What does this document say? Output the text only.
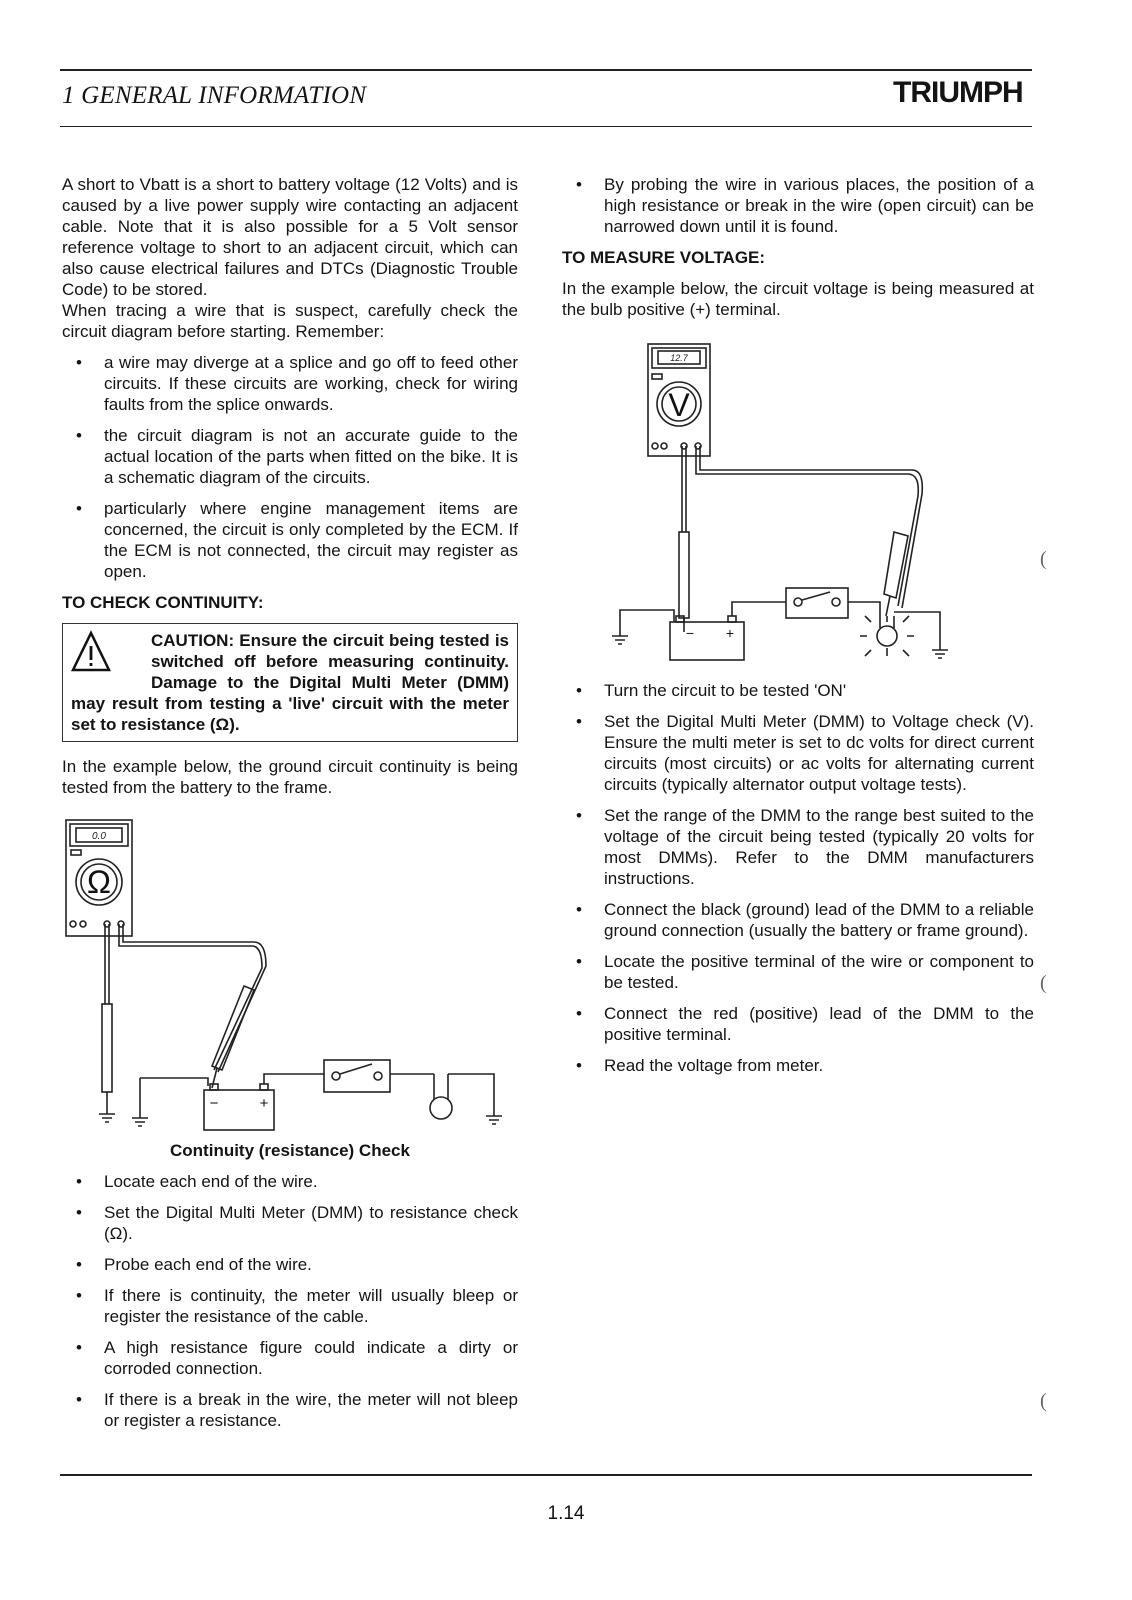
1 GENERAL INFORMATION	TRIUMPH

A short to Vbatt is a short to battery voltage (12 Volts) and is caused by a live power supply wire contacting an adjacent cable. Note that it is also possible for a 5 Volt sensor reference voltage to short to an adjacent circuit, which can also cause electrical failures and DTCs (Diagnostic Trouble Code) to be stored.

When tracing a wire that is suspect, carefully check the circuit diagram before starting. Remember:

• a wire may diverge at a splice and go off to feed other circuits. If these circuits are working, check for wiring faults from the splice onwards.
• the circuit diagram is not an accurate guide to the actual location of the parts when fitted on the bike. It is a schematic diagram of the circuits.
• particularly where engine management items are concerned, the circuit is only completed by the ECM. If the ECM is not connected, the circuit may register as open.
TO CHECK CONTINUITY:
CAUTION: Ensure the circuit being tested is switched off before measuring continuity. Damage to the Digital Multi Meter (DMM) may result from testing a 'live' circuit with the meter set to resistance (Ω).

In the example below, the ground circuit continuity is being tested from the battery to the frame.

0.0
Ω
−	+
Continuity (resistance) Check
• Locate each end of the wire.
• Set the Digital Multi Meter (DMM) to resistance check (Ω).
• Probe each end of the wire.
• If there is continuity, the meter will usually bleep or register the resistance of the cable.
• A high resistance figure could indicate a dirty or corroded connection.
• If there is a break in the wire, the meter will not bleep or register a resistance.
• By probing the wire in various places, the position of a high resistance or break in the wire (open circuit) can be narrowed down until it is found.
TO MEASURE VOLTAGE:

In the example below, the circuit voltage is being measured at the bulb positive (+) terminal.

12.7
V
− +
• Turn the circuit to be tested 'ON'
• Set the Digital Multi Meter (DMM) to Voltage check (V). Ensure the multi meter is set to dc volts for direct current circuits (most circuits) or ac volts for alternating current circuits (typically alternator output voltage tests).
• Set the range of the DMM to the range best suited to the voltage of the circuit being tested (typically 20 volts for most DMMs). Refer to the DMM manufacturers instructions.
• Connect the black (ground) lead of the DMM to a reliable ground connection (usually the battery or frame ground).
• Locate the positive terminal of the wire or component to be tested.
• Connect the red (positive) lead of the DMM to the positive terminal.
• Read the voltage from meter.
1.14
(
(
(
